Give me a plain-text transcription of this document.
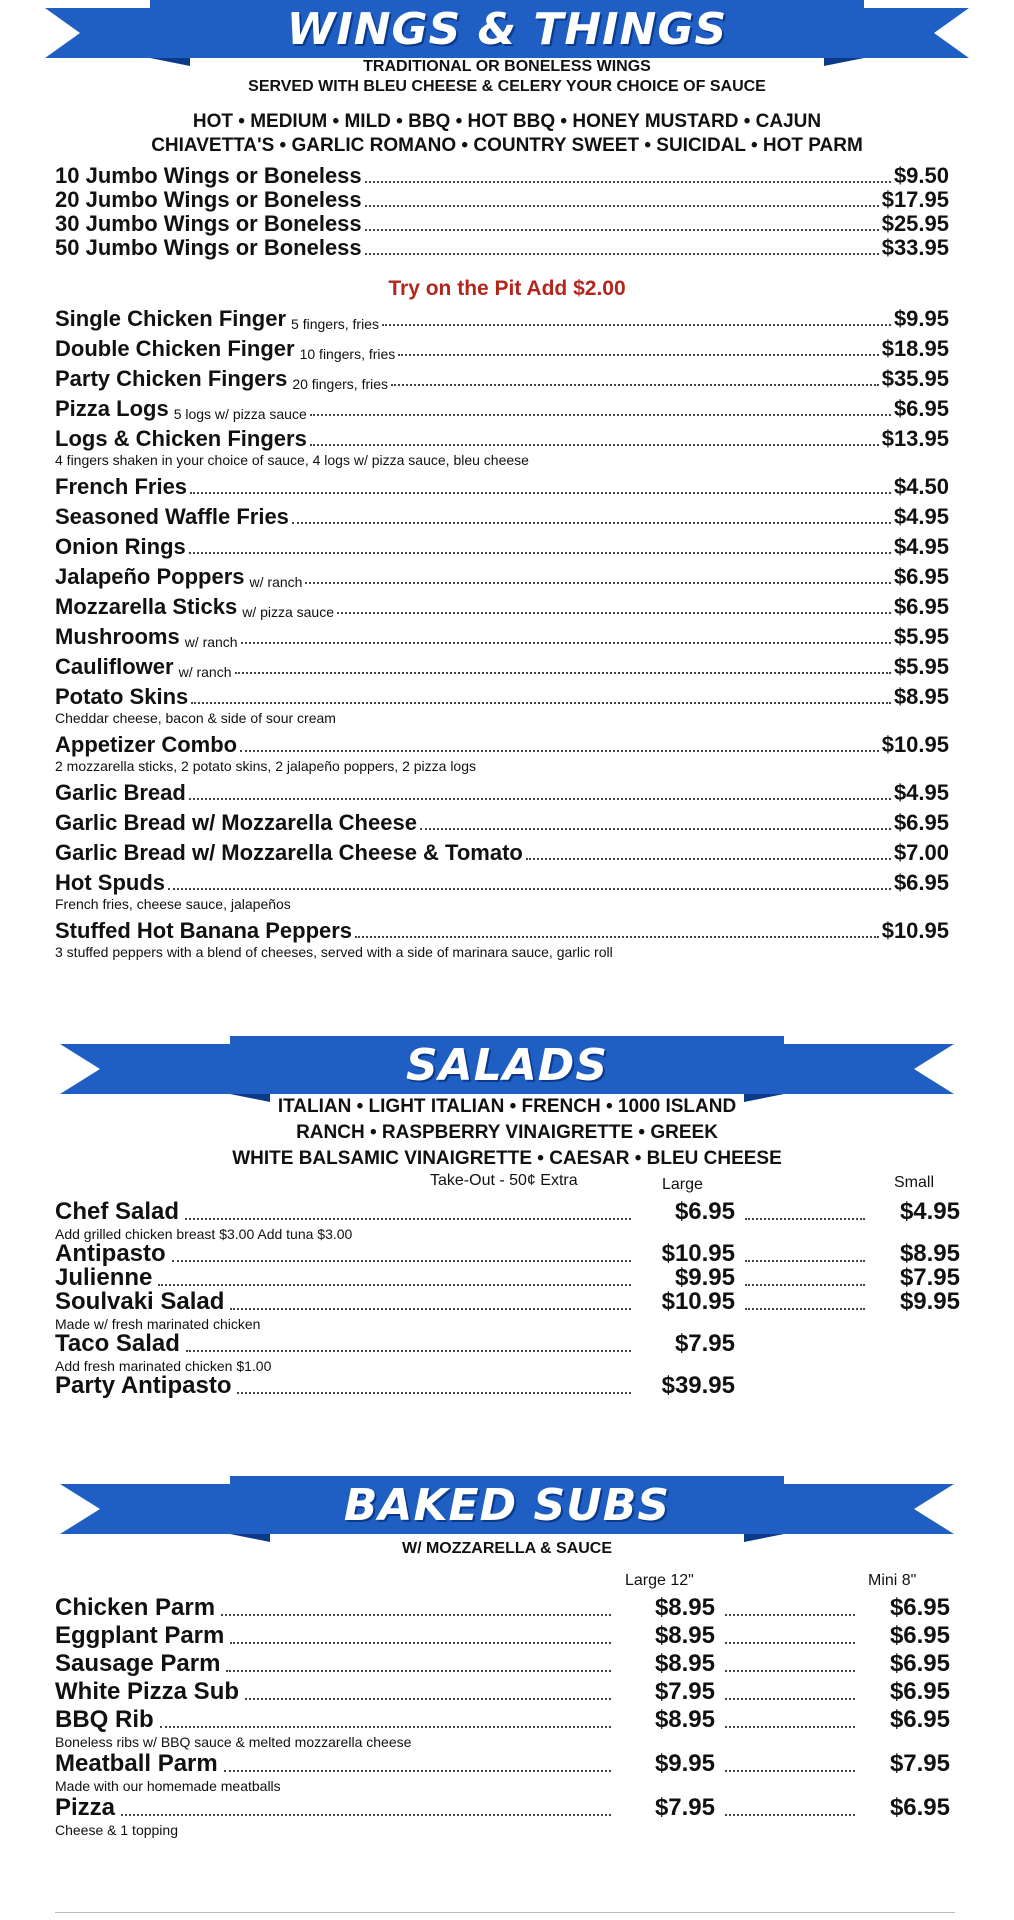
WINGS & THINGS
TRADITIONAL OR BONELESS WINGS
SERVED WITH BLEU CHEESE & CELERY YOUR CHOICE OF SAUCE
HOT • MEDIUM • MILD • BBQ • HOT BBQ • HONEY MUSTARD • CAJUN
CHIAVETTA'S • GARLIC ROMANO • COUNTRY SWEET • SUICIDAL • HOT PARM
10 Jumbo Wings or Boneless	$9.50
20 Jumbo Wings or Boneless	$17.95
30 Jumbo Wings or Boneless	$25.95
50 Jumbo Wings or Boneless	$33.95
Try on the Pit Add $2.00
Single Chicken Finger 5 fingers, fries	$9.95
Double Chicken Finger 10 fingers, fries	$18.95
Party Chicken Fingers 20 fingers, fries	$35.95
Pizza Logs 5 logs w/ pizza sauce	$6.95
Logs & Chicken Fingers	$13.95
4 fingers shaken in your choice of sauce, 4 logs w/ pizza sauce, bleu cheese
French Fries	$4.50
Seasoned Waffle Fries	$4.95
Onion Rings	$4.95
Jalapeño Poppers w/ ranch	$6.95
Mozzarella Sticks w/ pizza sauce	$6.95
Mushrooms w/ ranch	$5.95
Cauliflower w/ ranch	$5.95
Potato Skins	$8.95
Cheddar cheese, bacon & side of sour cream
Appetizer Combo	$10.95
2 mozzarella sticks, 2 potato skins, 2 jalapeño poppers, 2 pizza logs
Garlic Bread	$4.95
Garlic Bread w/ Mozzarella Cheese	$6.95
Garlic Bread w/ Mozzarella Cheese & Tomato	$7.00
Hot Spuds	$6.95
French fries, cheese sauce, jalapeños
Stuffed Hot Banana Peppers	$10.95
3 stuffed peppers with a blend of cheeses, served with a side of marinara sauce, garlic roll
SALADS
ITALIAN • LIGHT ITALIAN • FRENCH • 1000 ISLAND
RANCH • RASPBERRY VINAIGRETTE • GREEK
WHITE BALSAMIC VINAIGRETTE • CAESAR • BLEU CHEESE
Take-Out - 50¢ Extra	Large	Small
Chef Salad	$6.95	$4.95
Add grilled chicken breast $3.00 Add tuna $3.00
Antipasto	$10.95	$8.95
Julienne	$9.95	$7.95
Soulvaki Salad	$10.95	$9.95
Made w/ fresh marinated chicken
Taco Salad	$7.95
Add fresh marinated chicken $1.00
Party Antipasto	$39.95
BAKED SUBS
W/ MOZZARELLA & SAUCE
Large 12"	Mini 8"
Chicken Parm	$8.95	$6.95
Eggplant Parm	$8.95	$6.95
Sausage Parm	$8.95	$6.95
White Pizza Sub	$7.95	$6.95
BBQ Rib	$8.95	$6.95
Boneless ribs w/ BBQ sauce & melted mozzarella cheese
Meatball Parm	$9.95	$7.95
Made with our homemade meatballs
Pizza	$7.95	$6.95
Cheese & 1 topping
